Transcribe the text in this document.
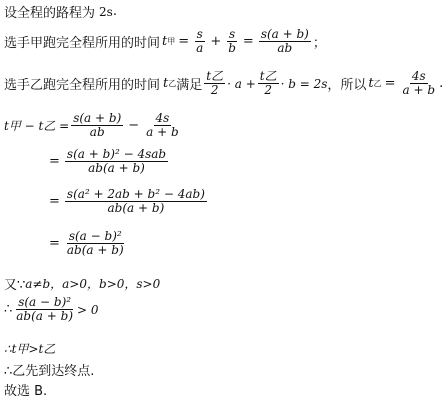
设全程的路程为 2s .
选手甲跑完全程所用的时间 t 甲 = $\frac{s}{a} + \frac{s}{b} = \frac{s(a + b)}{ab}$ ；
选手乙跑完全程所用的时间 t 乙 满足 $\frac{\text{t乙}}{2} \cdot a + \frac{\text{t乙}}{2} \cdot b = 2s$ ，所以 t 乙 = $\frac{4s}{a + b}$ .
t甲 − t乙 = $\frac{s(a + b)}{ab} - \frac{4s}{a + b}$
= $\frac{\text{s(a + b)² − 4sab}}{ab(a + b)}$
= $\frac{\text{s(a² + 2ab + b² − 4ab)}}{ab(a + b)}$
= $\frac{\text{s(a − b)²}}{ab(a + b)}$
又∵ a≠b，a>0，b>0，s>0
∴ $\frac{\text{s(a − b)²}}{ab(a + b)} > 0$
∴t甲>t乙
∴乙先到达终点.
故选 B.
